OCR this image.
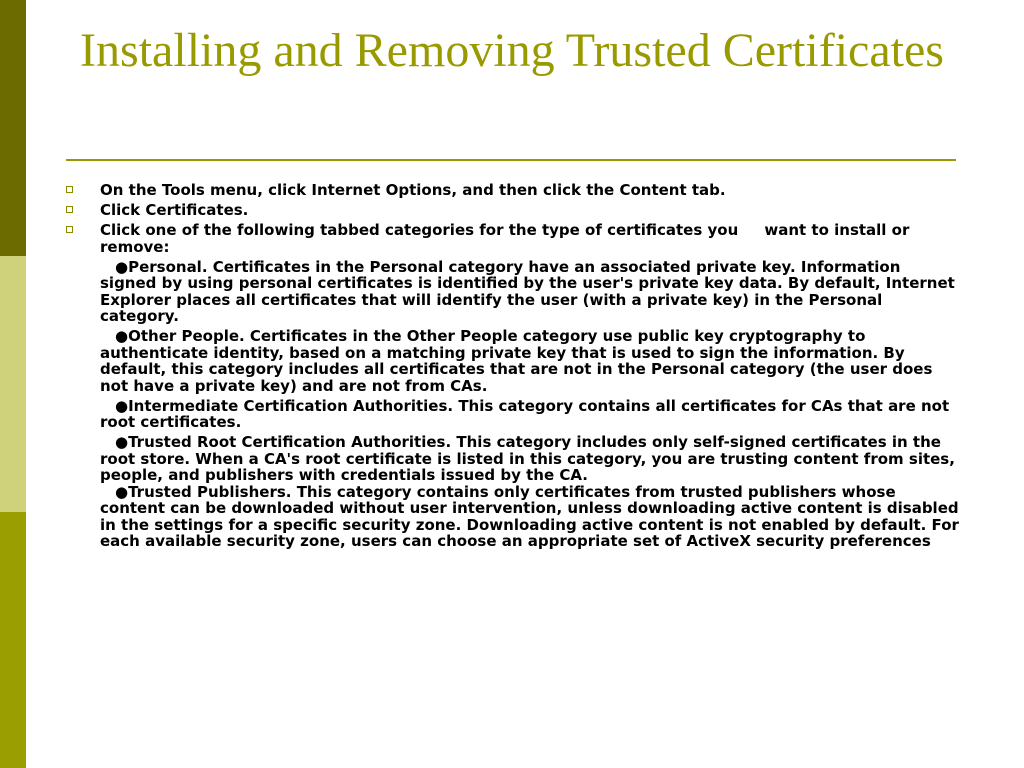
Installing and Removing Trusted Certificates
On the Tools menu, click Internet Options, and then click the Content tab.
Click Certificates.
Click one of the following tabbed categories for the type of certificates you     want to install or remove:
●Personal. Certificates in the Personal category have an associated private key. Information signed by using personal certificates is identified by the user's private key data. By default, Internet Explorer places all certificates that will identify the user (with a private key) in the Personal category.
●Other People. Certificates in the Other People category use public key cryptography to authenticate identity, based on a matching private key that is used to sign the information. By default, this category includes all certificates that are not in the Personal category (the user does not have a private key) and are not from CAs.
●Intermediate Certification Authorities. This category contains all certificates for CAs that are not root certificates.
●Trusted Root Certification Authorities. This category includes only self-signed certificates in the root store. When a CA's root certificate is listed in this category, you are trusting content from sites, people, and publishers with credentials issued by the CA.
●Trusted Publishers. This category contains only certificates from trusted publishers whose content can be downloaded without user intervention, unless downloading active content is disabled in the settings for a specific security zone. Downloading active content is not enabled by default. For each available security zone, users can choose an appropriate set of ActiveX security preferences
